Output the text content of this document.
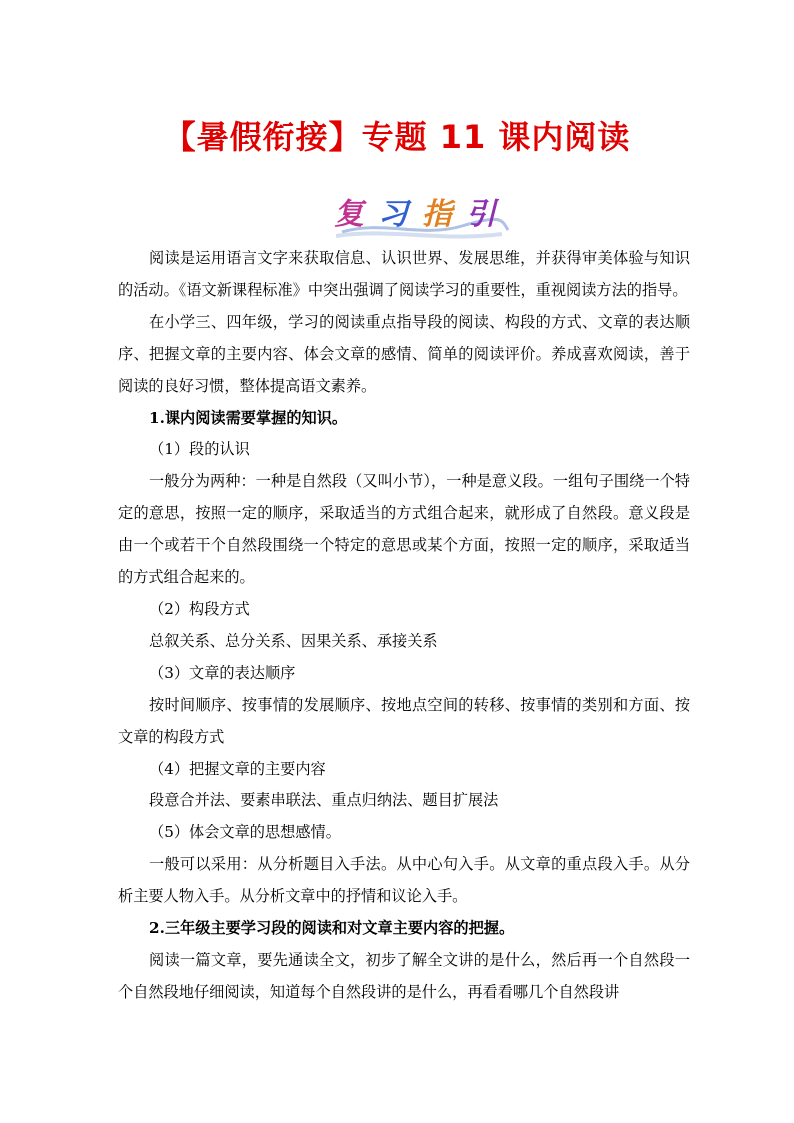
【暑假衔接】专题 11 课内阅读
复习指引

阅读是运用语言文字来获取信息、认识世界、发展思维，并获得审美体验与知识的活动。《语文新课程标准》中突出强调了阅读学习的重要性，重视阅读方法的指导。

在小学三、四年级，学习的阅读重点指导段的阅读、构段的方式、文章的表达顺序、把握文章的主要内容、体会文章的感情、简单的阅读评价。养成喜欢阅读，善于阅读的良好习惯，整体提高语文素养。

1.课内阅读需要掌握的知识。

（1）段的认识

一般分为两种：一种是自然段（又叫小节），一种是意义段。一组句子围绕一个特定的意思，按照一定的顺序，采取适当的方式组合起来，就形成了自然段。意义段是由一个或若干个自然段围绕一个特定的意思或某个方面，按照一定的顺序，采取适当的方式组合起来的。

（2）构段方式

总叙关系、总分关系、因果关系、承接关系

（3）文章的表达顺序

按时间顺序、按事情的发展顺序、按地点空间的转移、按事情的类别和方面、按文章的构段方式

（4）把握文章的主要内容

段意合并法、要素串联法、重点归纳法、题目扩展法

（5）体会文章的思想感情。

一般可以采用：从分析题目入手法。从中心句入手。从文章的重点段入手。从分析主要人物入手。从分析文章中的抒情和议论入手。

2.三年级主要学习段的阅读和对文章主要内容的把握。

阅读一篇文章，要先通读全文，初步了解全文讲的是什么，然后再一个自然段一个自然段地仔细阅读，知道每个自然段讲的是什么，再看看哪几个自然段讲
